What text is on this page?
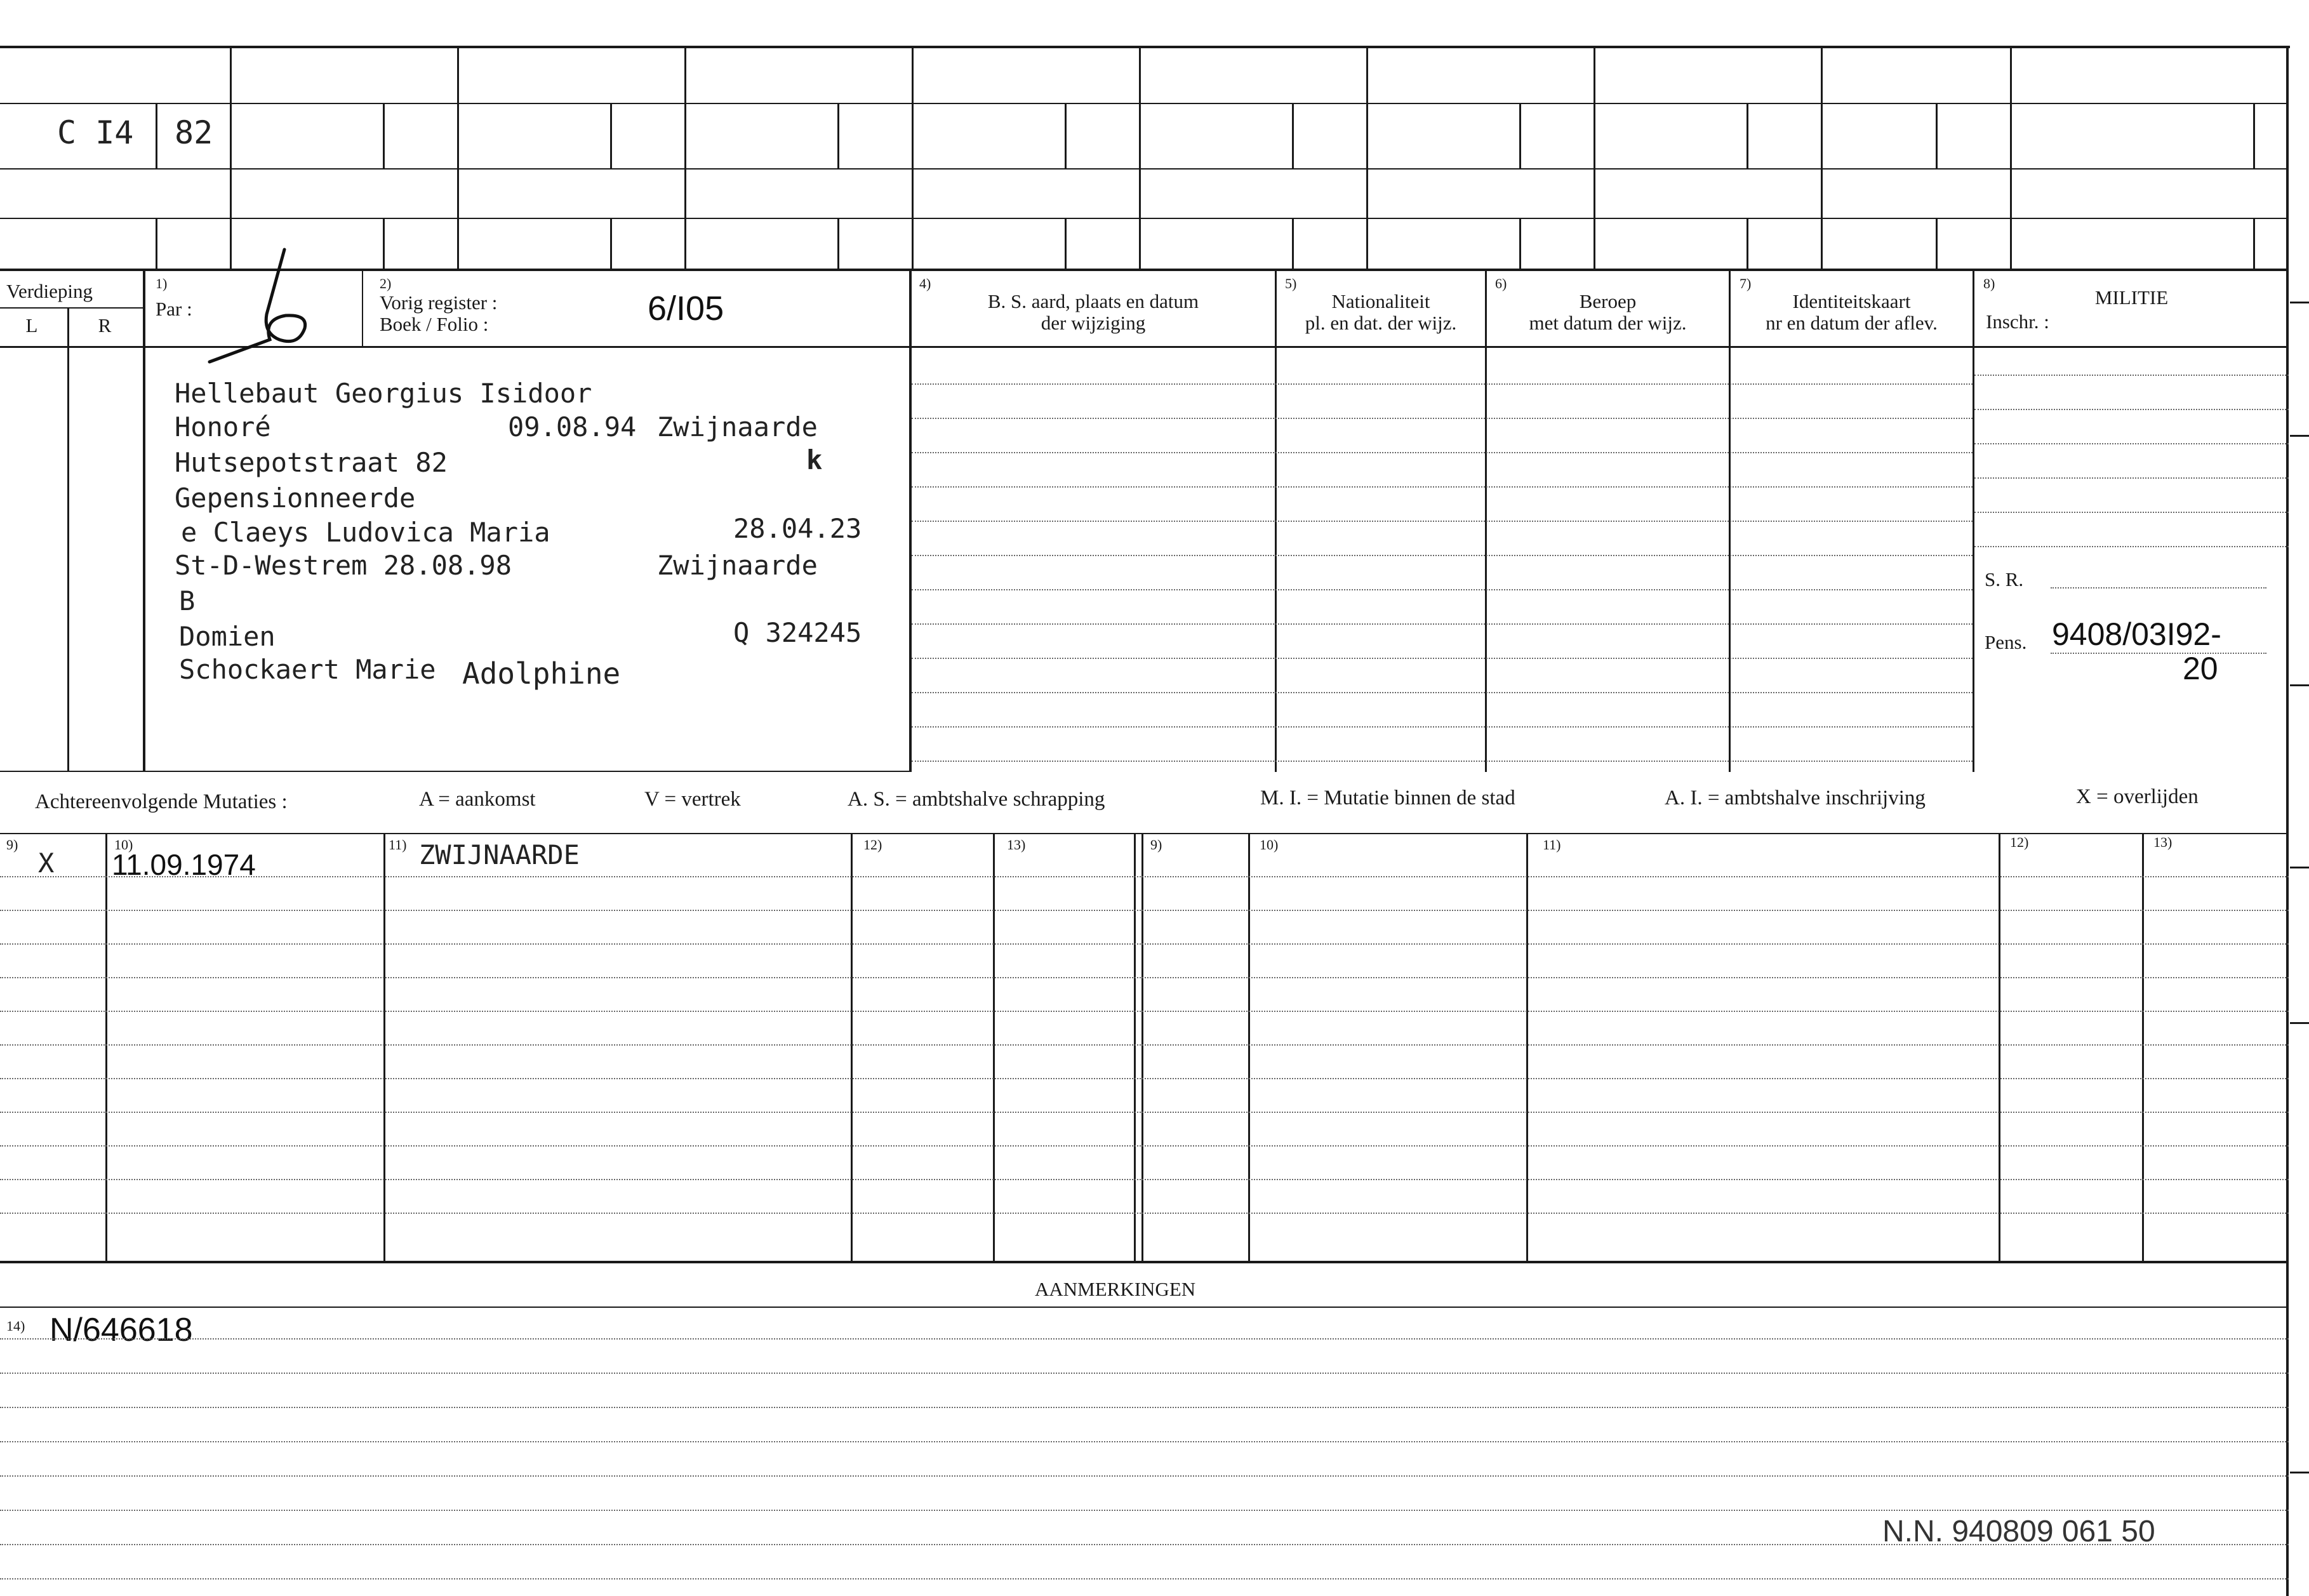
C I4 82
Verdieping
L	R
1)
Par :
2)
Vorig register :
Boek / Folio :	6/I05
4)
B. S. aard, plaats en datum
der wijziging
5)
Nationaliteit
pl. en dat. der wijz.
6)
Beroep
met datum der wijz.
7)
Identiteitskaart
nr en datum der aflev.
8)
MILITIE
Inschr. :
Hellebaut Georgius Isidoor
Honoré	09.08.94 Zwijnaarde
Hutsepotstraat 82	k
Gepensionneerde
e Claeys Ludovica Maria	28.04.23
St-D-Westrem 28.08.98	Zwijnaarde
B
Domien	Q 324245
Schockaert Marie Adolphine
S. R.
Pens. 9408/03I92-
20
Achtereenvolgende Mutaties :	A = aankomst	V = vertrek	A. S. = ambtshalve schrapping	M. I. = Mutatie binnen de stad	A. I. = ambtshalve inschrijving	X = overlijden
9)	10)	11)	12)	13)	9)	10)	11)	12)	13)
X 11.09.1974	ZWIJNAARDE
AANMERKINGEN
14) N/646618
N.N. 940809 061 50
